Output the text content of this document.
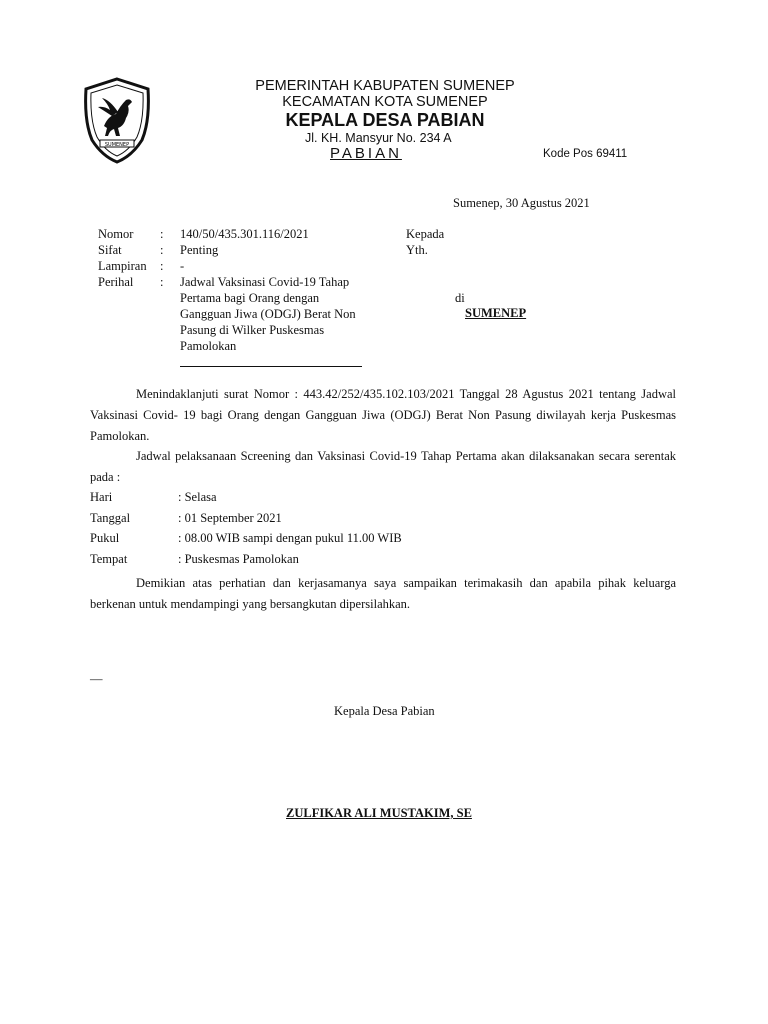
SUMENEP
PEMERINTAH KABUPATEN SUMENEP
KECAMATAN KOTA SUMENEP
KEPALA DESA PABIAN
Jl. KH. Mansyur No. 234 A
PABIAN	Kode Pos 69411
Sumenep, 30 Agustus 2021
Nomor : 140/50/435.301.116/2021
Sifat	: Penting
Lampiran : -
Perihal : Jadwal Vaksinasi Covid-19 Tahap
Pertama bagi Orang dengan
Gangguan Jiwa (ODGJ) Berat Non
Pasung di Wilker Puskesmas
Pamolokan
Kepada
Yth.
di
SUMENEP
Menindaklanjuti surat Nomor : 443.42/252/435.102.103/2021 Tanggal 28 Agustus 2021 tentang Jadwal Vaksinasi Covid- 19 bagi Orang dengan Gangguan Jiwa (ODGJ) Berat Non Pasung diwilayah kerja Puskesmas Pamolokan.
Jadwal pelaksanaan Screening dan Vaksinasi Covid-19 Tahap Pertama akan dilaksanakan secara serentak pada :
Hari	: Selasa
Tanggal	: 01 September 2021
Pukul	: 08.00 WIB sampi dengan pukul 11.00 WIB
Tempat	: Puskesmas Pamolokan
Demikian atas perhatian dan kerjasamanya saya sampaikan terimakasih dan apabila pihak keluarga berkenan untuk mendampingi yang bersangkutan dipersilahkan.
—
Kepala Desa Pabian
ZULFIKAR ALI MUSTAKIM, SE
